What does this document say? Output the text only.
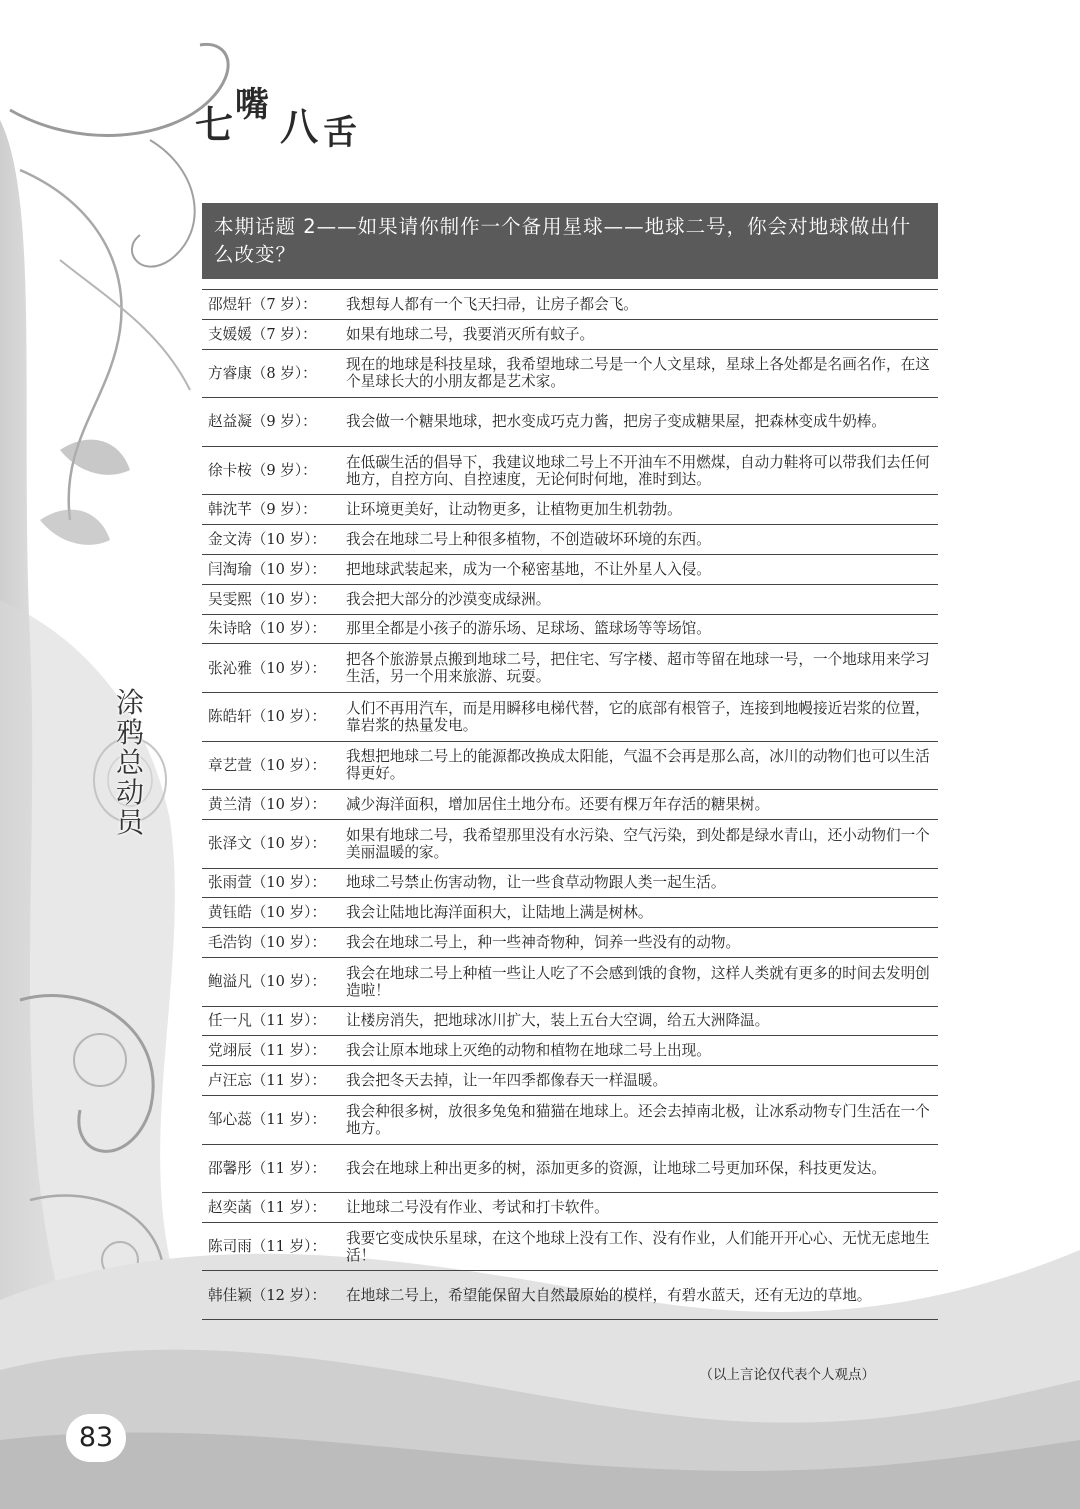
七 嘴 八 舌
涂鸦总动员
本期话题 2——如果请你制作一个备用星球——地球二号，你会对地球做出什么改变？
邵煜轩（7 岁）：	我想每人都有一个飞天扫帚，让房子都会飞。
支媛媛（7 岁）：	如果有地球二号，我要消灭所有蚊子。
方睿康（8 岁）：	现在的地球是科技星球，我希望地球二号是一个人文星球，星球上各处都是名画名作，在这个星球长大的小朋友都是艺术家。
赵益凝（9 岁）：	我会做一个糖果地球，把水变成巧克力酱，把房子变成糖果屋，把森林变成牛奶棒。
徐卡桉（9 岁）：	在低碳生活的倡导下，我建议地球二号上不开油车不用燃煤，自动力鞋将可以带我们去任何地方，自控方向、自控速度，无论何时何地，准时到达。
韩沈芊（9 岁）：	让环境更美好，让动物更多，让植物更加生机勃勃。
金文涛（10 岁）：	我会在地球二号上种很多植物，不创造破坏环境的东西。
闫淘瑜（10 岁）：	把地球武装起来，成为一个秘密基地，不让外星人入侵。
吴雯熙（10 岁）：	我会把大部分的沙漠变成绿洲。
朱诗晗（10 岁）：	那里全都是小孩子的游乐场、足球场、篮球场等等场馆。
张沁雅（10 岁）：	把各个旅游景点搬到地球二号，把住宅、写字楼、超市等留在地球一号，一个地球用来学习生活，另一个用来旅游、玩耍。
陈皓轩（10 岁）：	人们不再用汽车，而是用瞬移电梯代替，它的底部有根管子，连接到地幔接近岩浆的位置，靠岩浆的热量发电。
章艺萱（10 岁）：	我想把地球二号上的能源都改换成太阳能，气温不会再是那么高，冰川的动物们也可以生活得更好。
黄兰清（10 岁）：	减少海洋面积，增加居住土地分布。还要有棵万年存活的糖果树。
张泽文（10 岁）：	如果有地球二号，我希望那里没有水污染、空气污染，到处都是绿水青山，还小动物们一个美丽温暖的家。
张雨萱（10 岁）：	地球二号禁止伤害动物，让一些食草动物跟人类一起生活。
黄钰皓（10 岁）：	我会让陆地比海洋面积大，让陆地上满是树林。
毛浩钧（10 岁）：	我会在地球二号上，种一些神奇物种，饲养一些没有的动物。
鲍溢凡（10 岁）：	我会在地球二号上种植一些让人吃了不会感到饿的食物，这样人类就有更多的时间去发明创造啦！
任一凡（11 岁）：	让楼房消失，把地球冰川扩大，装上五台大空调，给五大洲降温。
党翊辰（11 岁）：	我会让原本地球上灭绝的动物和植物在地球二号上出现。
卢汪忘（11 岁）：	我会把冬天去掉，让一年四季都像春天一样温暖。
邹心蕊（11 岁）：	我会种很多树，放很多兔兔和猫猫在地球上。还会去掉南北极，让冰系动物专门生活在一个地方。
邵馨彤（11 岁）：	我会在地球上种出更多的树，添加更多的资源，让地球二号更加环保，科技更发达。
赵奕菡（11 岁）：	让地球二号没有作业、考试和打卡软件。
陈司雨（11 岁）：	我要它变成快乐星球，在这个地球上没有工作、没有作业，人们能开开心心、无忧无虑地生活！
韩佳颖（12 岁）：	在地球二号上，希望能保留大自然最原始的模样，有碧水蓝天，还有无边的草地。
（以上言论仅代表个人观点）
83
